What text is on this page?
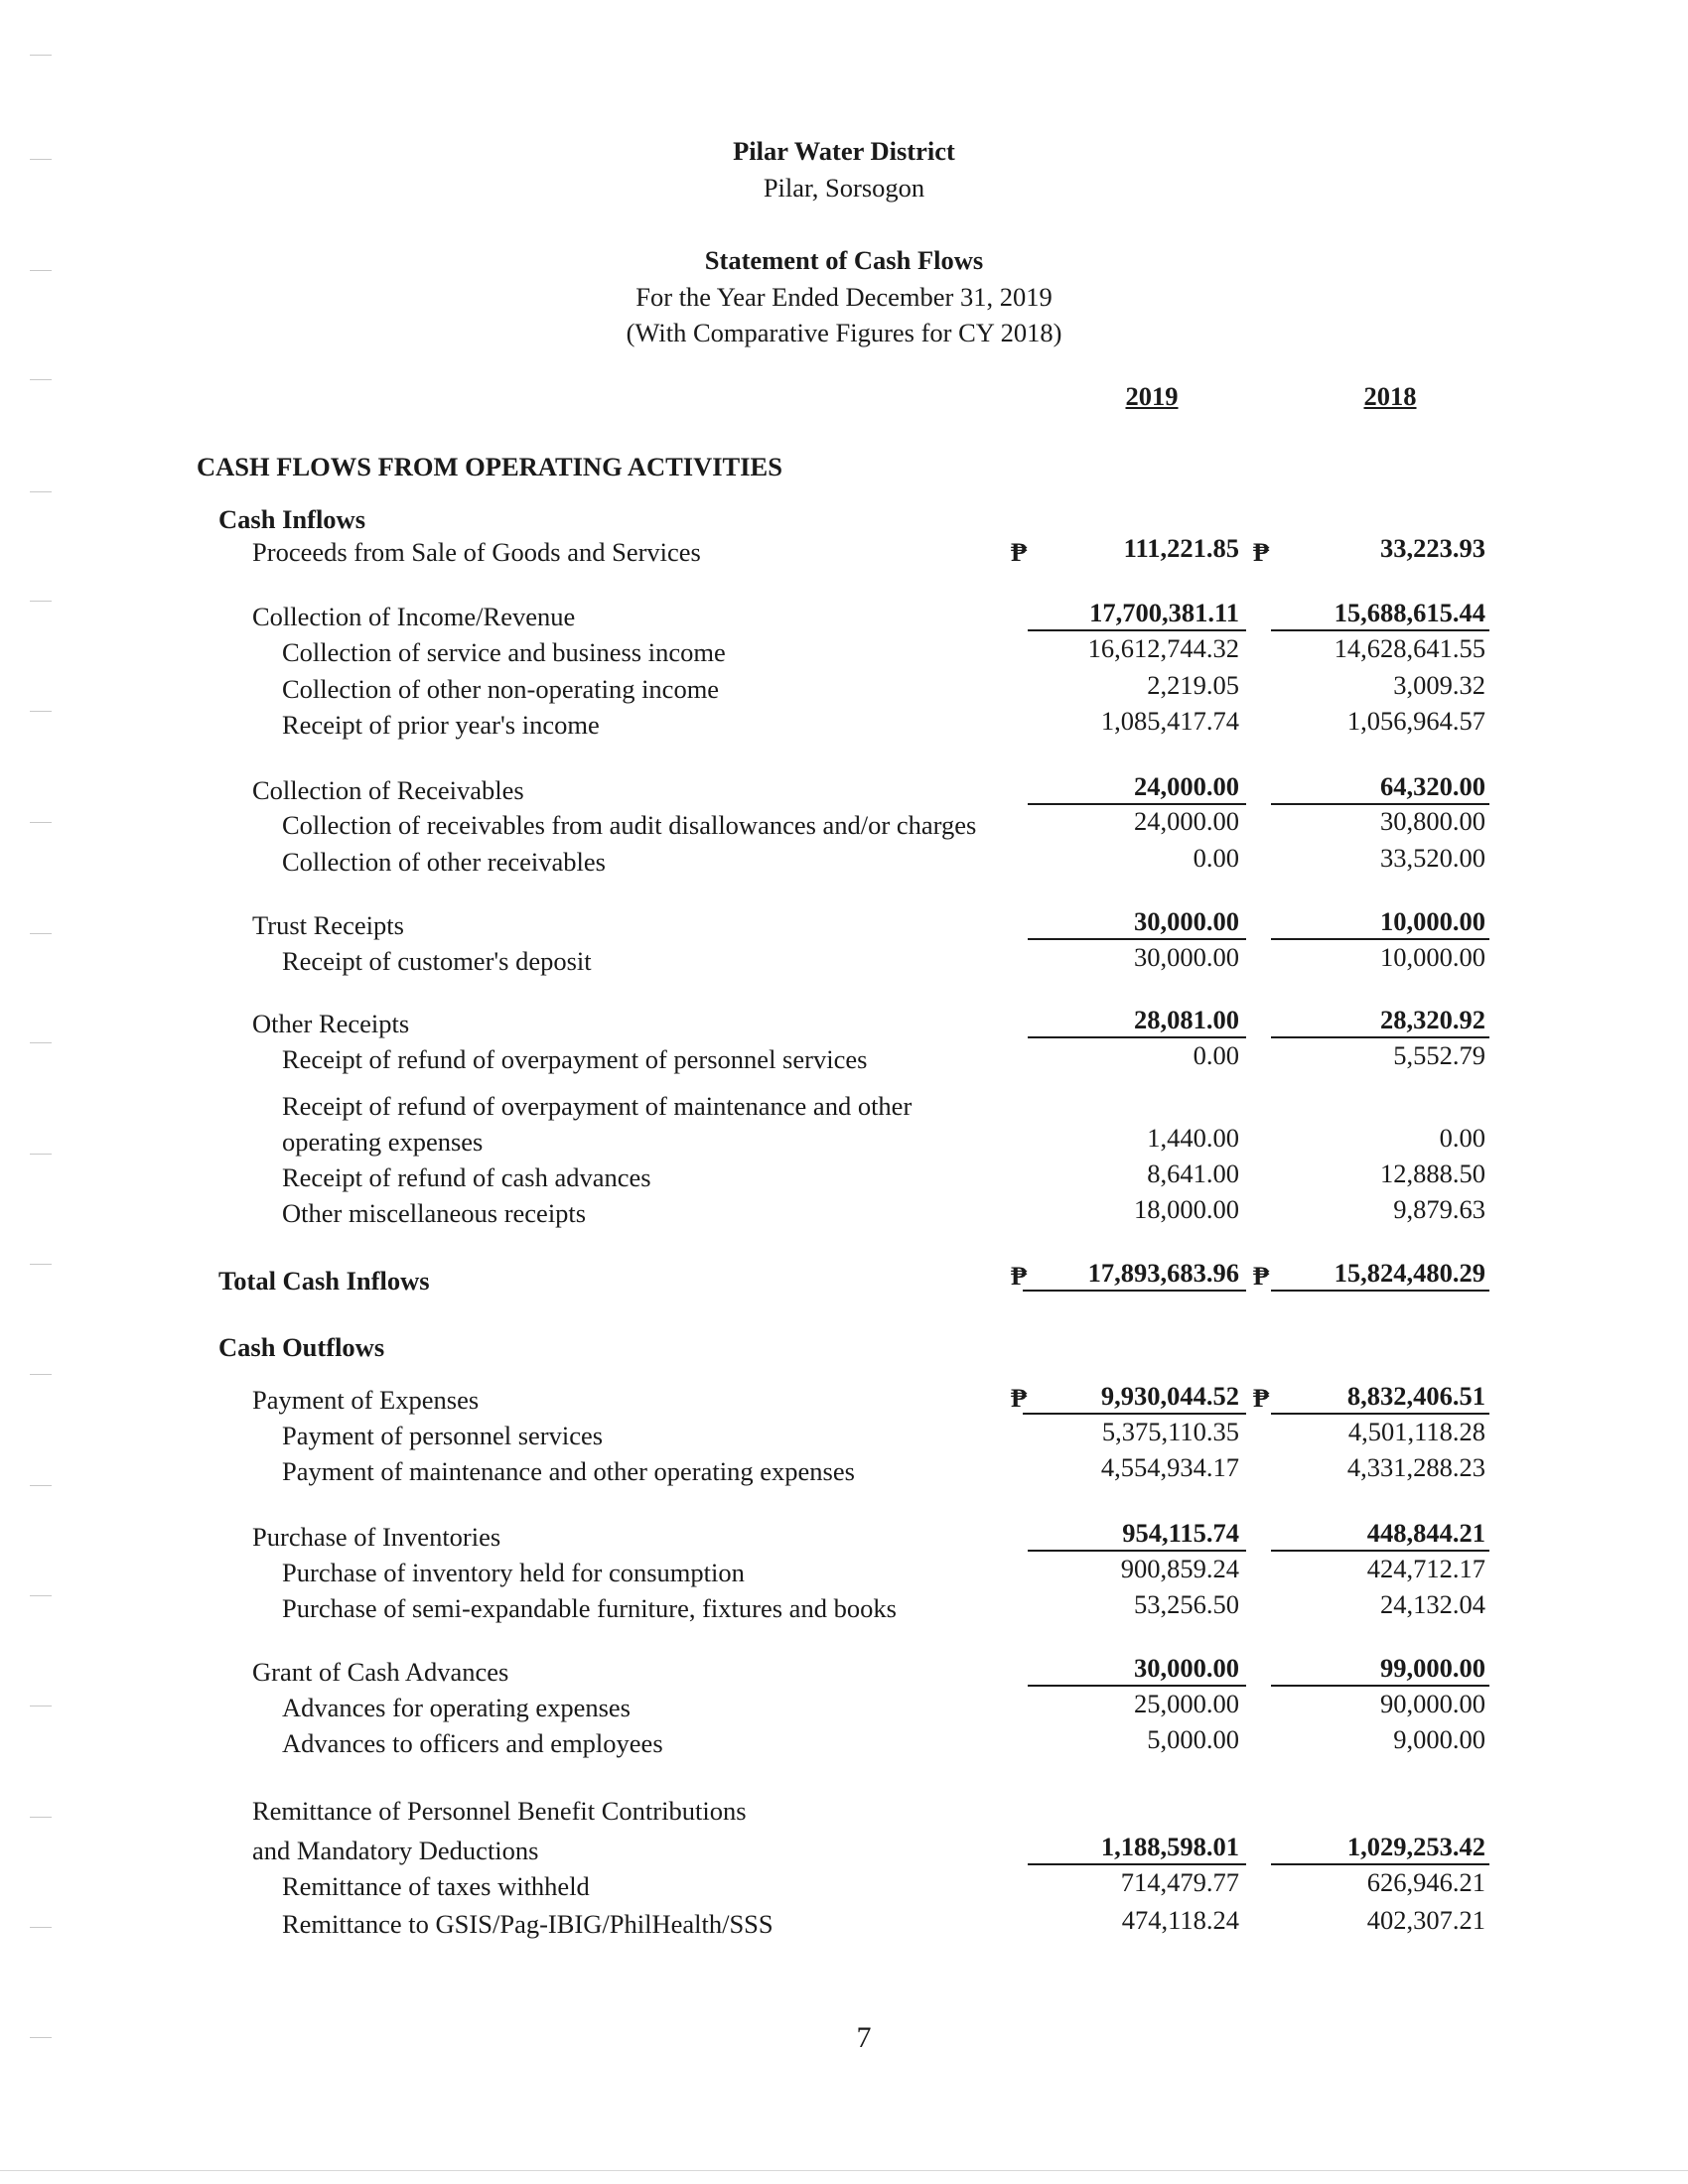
Pilar Water District
Pilar, Sorsogon
Statement of Cash Flows
For the Year Ended December 31, 2019
(With Comparative Figures for CY 2018)
2019	2018
CASH FLOWS FROM OPERATING ACTIVITIES
Cash Inflows
Proceeds from Sale of Goods and Services	₱	111,221.85 ₱	33,223.93
Collection of Income/Revenue	17,700,381.11	15,688,615.44
Collection of service and business income	16,612,744.32	14,628,641.55
Collection of other non-operating income	2,219.05	3,009.32
Receipt of prior year's income	1,085,417.74	1,056,964.57
Collection of Receivables	24,000.00	64,320.00
Collection of receivables from audit disallowances and/or charges	24,000.00	30,800.00
Collection of other receivables	0.00	33,520.00
Trust Receipts	30,000.00	10,000.00
Receipt of customer's deposit	30,000.00	10,000.00
Other Receipts	28,081.00	28,320.92
Receipt of refund of overpayment of personnel services	0.00	5,552.79
Receipt of refund of overpayment of maintenance and other
operating expenses	1,440.00	0.00
Receipt of refund of cash advances	8,641.00	12,888.50
Other miscellaneous receipts	18,000.00	9,879.63
Total Cash Inflows	₱	17,893,683.96 ₱	15,824,480.29
Cash Outflows
Payment of Expenses	₱	9,930,044.52 ₱	8,832,406.51
Payment of personnel services	5,375,110.35	4,501,118.28
Payment of maintenance and other operating expenses	4,554,934.17	4,331,288.23
Purchase of Inventories	954,115.74	448,844.21
Purchase of inventory held for consumption	900,859.24	424,712.17
Purchase of semi-expandable furniture, fixtures and books	53,256.50	24,132.04
Grant of Cash Advances	30,000.00	99,000.00
Advances for operating expenses	25,000.00	90,000.00
Advances to officers and employees	5,000.00	9,000.00
Remittance of Personnel Benefit Contributions
and Mandatory Deductions	1,188,598.01	1,029,253.42
Remittance of taxes withheld	714,479.77	626,946.21
Remittance to GSIS/Pag-IBIG/PhilHealth/SSS	474,118.24	402,307.21
7
